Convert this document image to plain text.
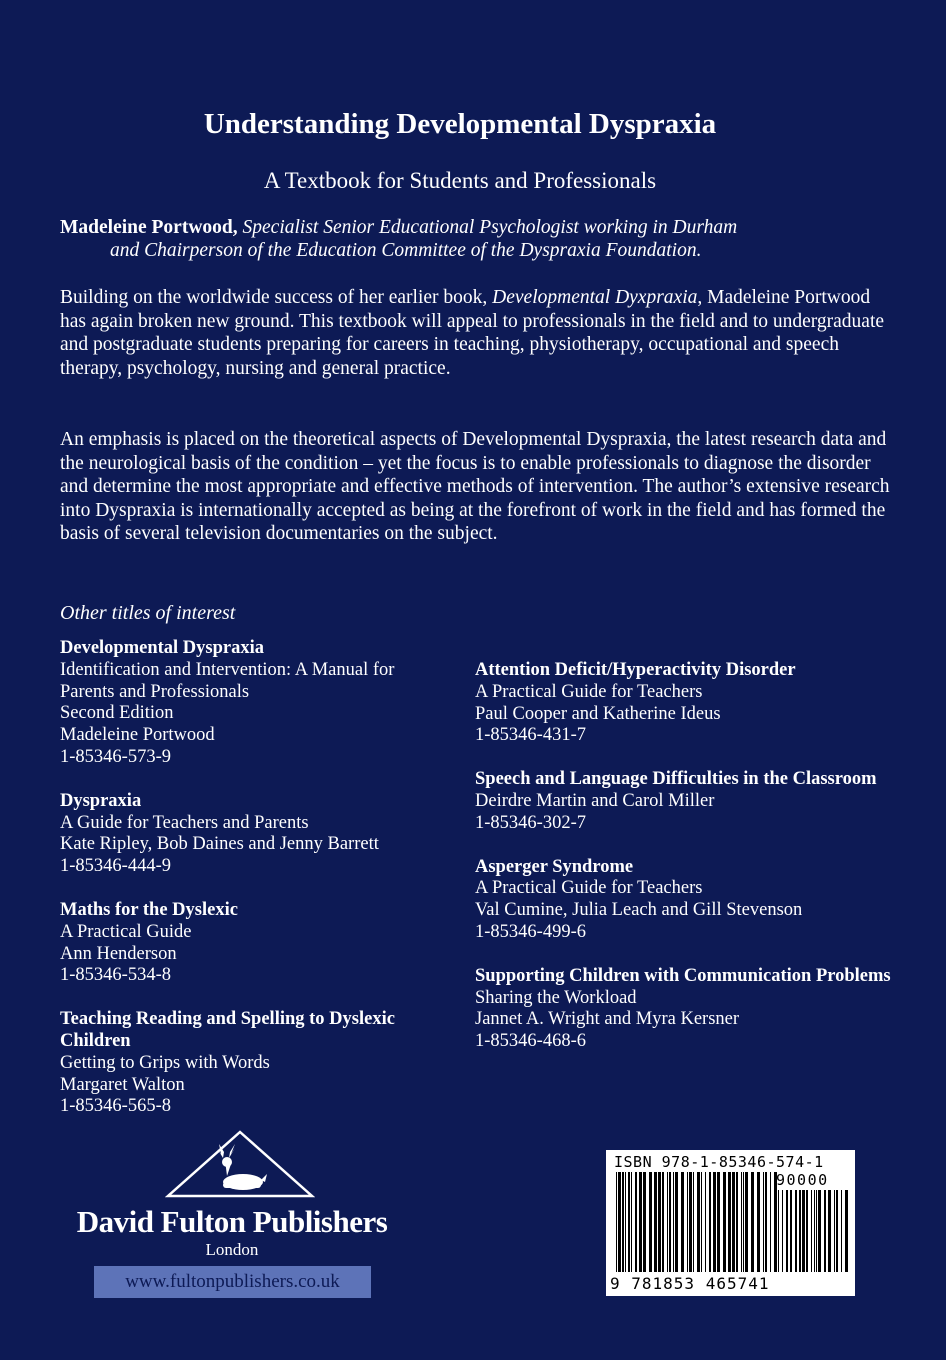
Understanding Developmental Dyspraxia
A Textbook for Students and Professionals
Madeleine Portwood, Specialist Senior Educational Psychologist working in Durham
and Chairperson of the Education Committee of the Dyspraxia Foundation.
Building on the worldwide success of her earlier book, Developmental Dyxpraxia, Madeleine Portwood has again broken new ground. This textbook will appeal to professionals in the field and to undergraduate and postgraduate students preparing for careers in teaching, physiotherapy, occupational and speech therapy, psychology, nursing and general practice.
An emphasis is placed on the theoretical aspects of Developmental Dyspraxia, the latest research data and the neurological basis of the condition – yet the focus is to enable professionals to diagnose the disorder and determine the most appropriate and effective methods of intervention. The author’s extensive research into Dyspraxia is internationally accepted as being at the forefront of work in the field and has formed the basis of several television documentaries on the subject.
Other titles of interest
Developmental Dyspraxia
Identification and Intervention: A Manual for
Parents and Professionals
Second Edition
Madeleine Portwood
1-85346-573-9
Dyspraxia
A Guide for Teachers and Parents
Kate Ripley, Bob Daines and Jenny Barrett
1-85346-444-9
Maths for the Dyslexic
A Practical Guide
Ann Henderson
1-85346-534-8
Teaching Reading and Spelling to Dyslexic Children
Getting to Grips with Words
Margaret Walton
1-85346-565-8
Attention Deficit/Hyperactivity Disorder
A Practical Guide for Teachers
Paul Cooper and Katherine Ideus
1-85346-431-7
Speech and Language Difficulties in the Classroom
Deirdre Martin and Carol Miller
1-85346-302-7
Asperger Syndrome
A Practical Guide for Teachers
Val Cumine, Julia Leach and Gill Stevenson
1-85346-499-6
Supporting Children with Communication Problems
Sharing the Workload
Jannet A. Wright and Myra Kersner
1-85346-468-6
David Fulton Publishers
London
www.fultonpublishers.co.uk
ISBN 978-1-85346-574-1
90000
9 781853 465741
